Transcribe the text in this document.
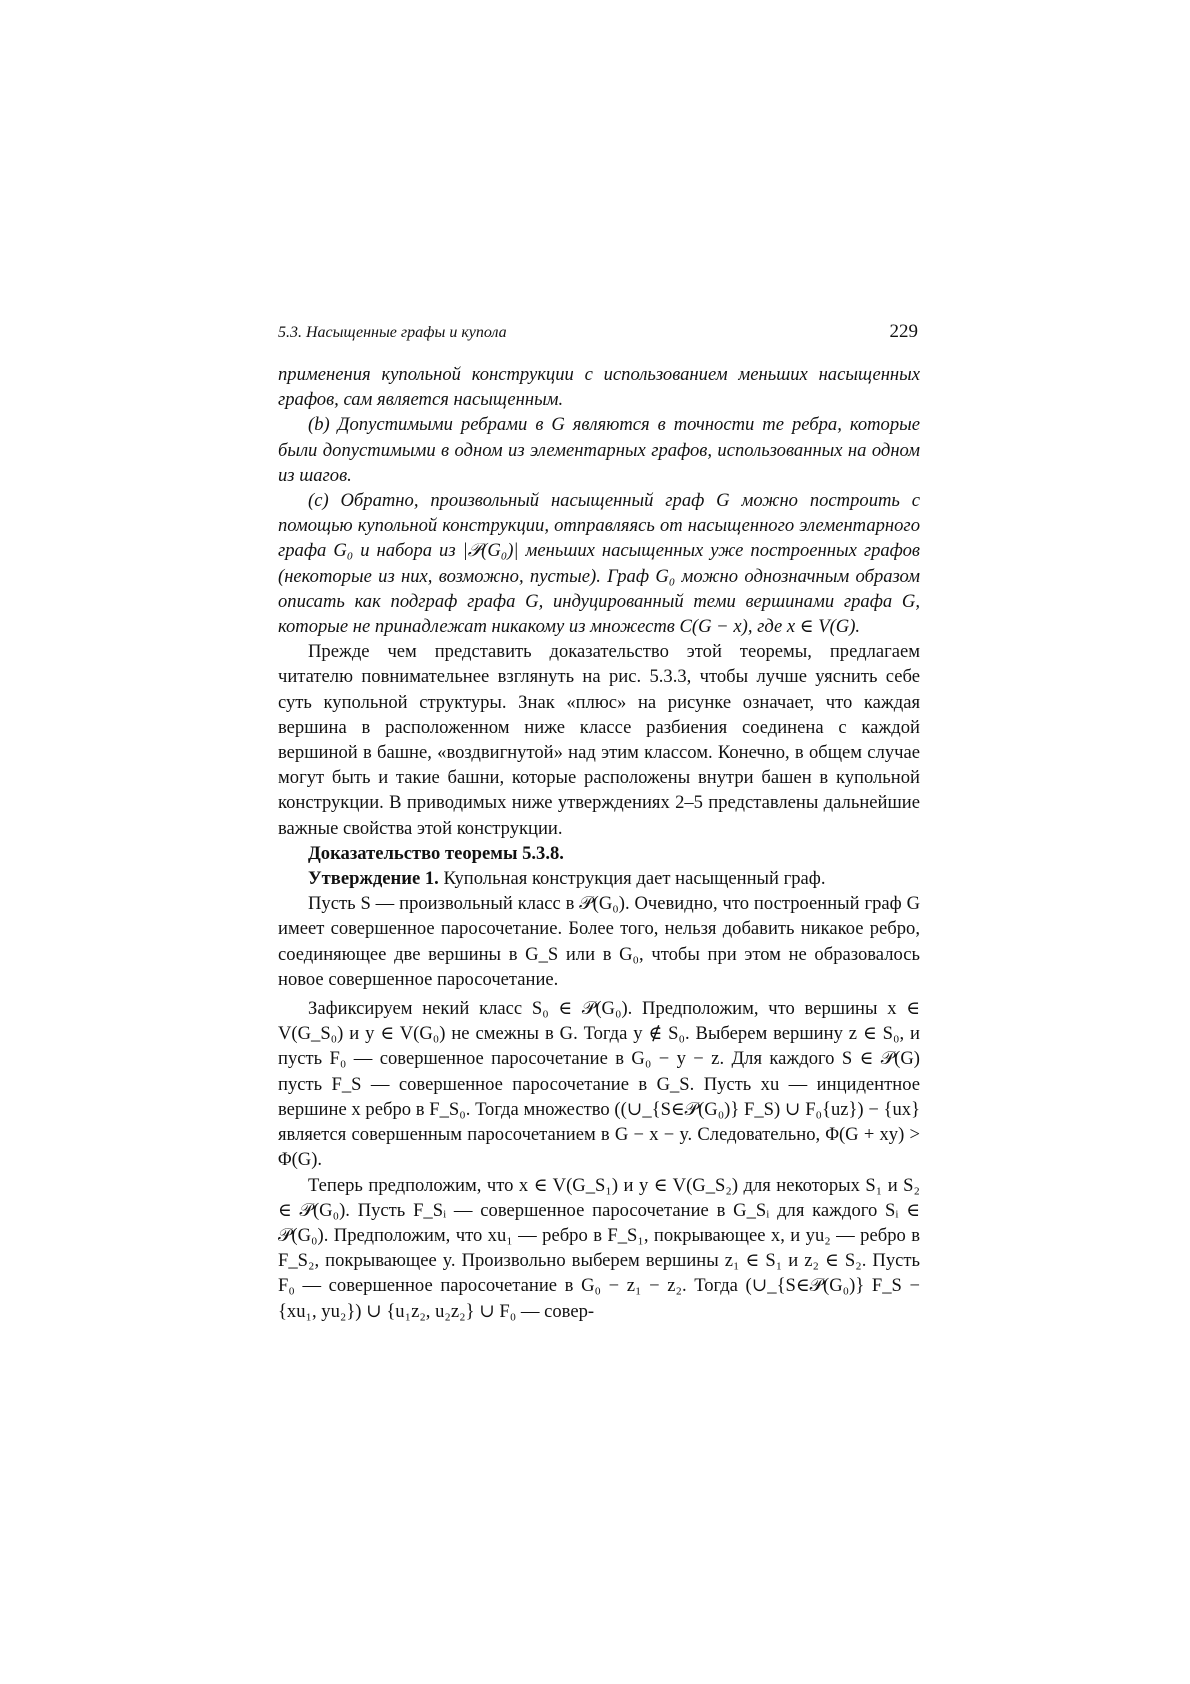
5.3. Насыщенные графы и купола	229

применения купольной конструкции с использованием меньших насыщенных графов, сам является насыщенным.

(b) Допустимыми ребрами в G являются в точности те ребра, которые были допустимыми в одном из элементарных графов, использованных на одном из шагов.

(c) Обратно, произвольный насыщенный граф G можно построить с помощью купольной конструкции, отправляясь от насыщенного элементарного графа G₀ и набора из |𝒫(G₀)| меньших насыщенных уже построенных графов (некоторые из них, возможно, пустые). Граф G₀ можно однозначным образом описать как подграф графа G, индуцированный теми вершинами графа G, которые не принадлежат никакому из множеств C(G − x), где x ∈ V(G).

Прежде чем представить доказательство этой теоремы, предлагаем читателю повнимательнее взглянуть на рис. 5.3.3, чтобы лучше уяснить себе суть купольной структуры. Знак «плюс» на рисунке означает, что каждая вершина в расположенном ниже классе разбиения соединена с каждой вершиной в башне, «воздвигнутой» над этим классом. Конечно, в общем случае могут быть и такие башни, которые расположены внутри башен в купольной конструкции. В приводимых ниже утверждениях 2–5 представлены дальнейшие важные свойства этой конструкции.

Доказательство теоремы 5.3.8.

Утверждение 1. Купольная конструкция дает насыщенный граф.

Пусть S — произвольный класс в 𝒫(G₀). Очевидно, что построенный граф G имеет совершенное паросочетание. Более того, нельзя добавить никакое ребро, соединяющее две вершины в G_S или в G₀, чтобы при этом не образовалось новое совершенное паросочетание.

Зафиксируем некий класс S₀ ∈ 𝒫(G₀). Предположим, что вершины x ∈ V(G_S₀) и y ∈ V(G₀) не смежны в G. Тогда y ∉ S₀. Выберем вершину z ∈ S₀, и пусть F₀ — совершенное паросочетание в G₀ − y − z. Для каждого S ∈ 𝒫(G) пусть F_S — совершенное паросочетание в G_S. Пусть xu — инцидентное вершине x ребро в F_S₀. Тогда множество ((∪_{S∈𝒫(G₀)} F_S) ∪ F₀{uz}) − {ux} является совершенным паросочетанием в G − x − y. Следовательно, Φ(G + xy) > Φ(G).

Теперь предположим, что x ∈ V(G_S₁) и y ∈ V(G_S₂) для некоторых S₁ и S₂ ∈ 𝒫(G₀). Пусть F_Sᵢ — совершенное паросочетание в G_Sᵢ для каждого Sᵢ ∈ 𝒫(G₀). Предположим, что xu₁ — ребро в F_S₁, покрывающее x, и yu₂ — ребро в F_S₂, покрывающее y. Произвольно выберем вершины z₁ ∈ S₁ и z₂ ∈ S₂. Пусть F₀ — совершенное паросочетание в G₀ − z₁ − z₂. Тогда (∪_{S∈𝒫(G₀)} F_S − {xu₁, yu₂}) ∪ {u₁z₂, u₂z₂} ∪ F₀ — совер-
